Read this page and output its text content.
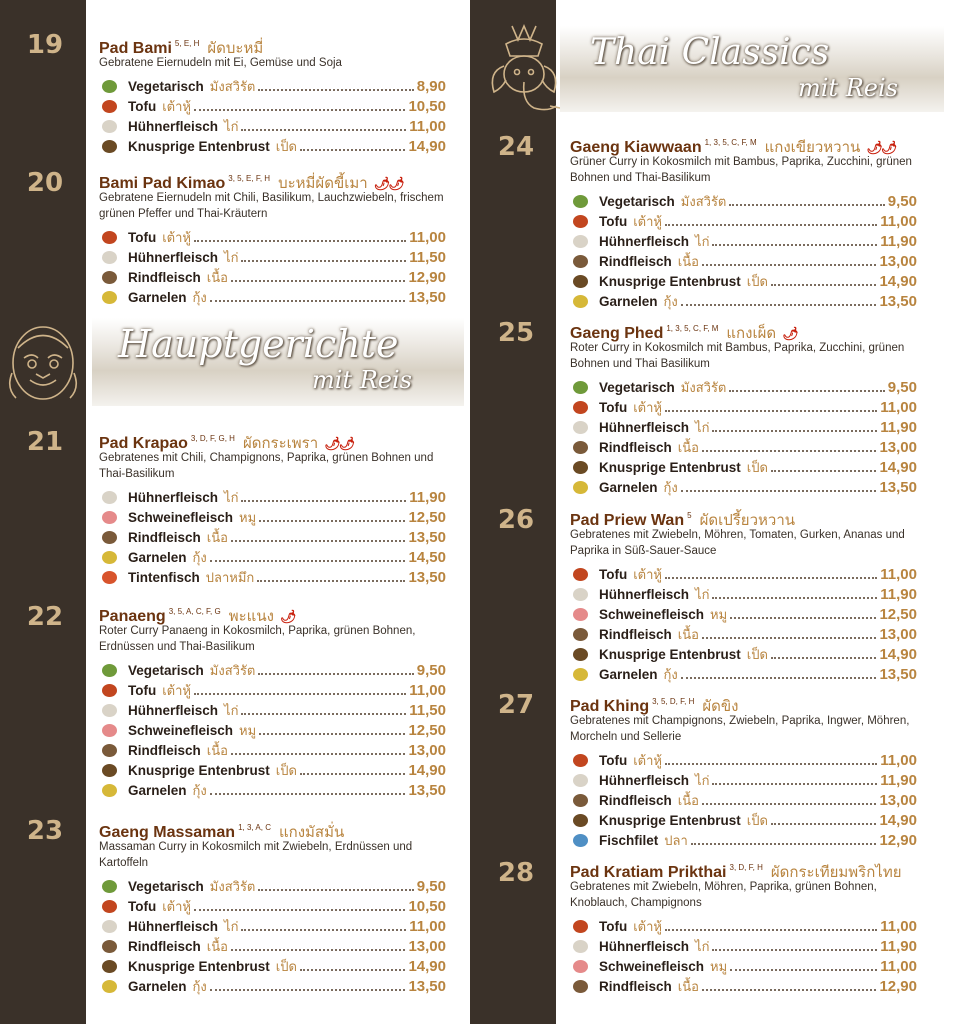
Hauptgerichte
mit Reis
Thai Classics
mit Reis
19
20
21
22
23
24
25
26
27
28
Pad Bami $^{5, E, H}$ ผัดบะหมี่
Gebratene Eiernudeln mit Ei, Gemüse und Soja
Vegetarisch มังสวิรัต	8,90
Tofu เต้าหู้	10,50
Hühnerfleisch ไก่	11,00
Knusprige Entenbrust เป็ด	14,90
Bami Pad Kimao $^{3, 5, E, F, H}$ บะหมี่ผัดขี้เมา 🌶🌶
Gebratene Eiernudeln mit Chili, Basilikum, Lauchzwiebeln, frischem grünen Pfeffer und Thai-Kräutern
Tofu เต้าหู้	11,00
Hühnerfleisch ไก่	11,50
Rindfleisch เนื้อ	12,90
Garnelen กุ้ง	13,50
Pad Krapao $^{3, D, F, G, H}$ ผัดกระเพรา 🌶🌶
Gebratenes mit Chili, Champignons, Paprika, grünen Bohnen und Thai-Basilikum
Hühnerfleisch ไก่	11,90
Schweinefleisch หมู	12,50
Rindfleisch เนื้อ	13,50
Garnelen กุ้ง	14,50
Tintenfisch ปลาหมึก	13,50
Panaeng $^{3, 5, A, C, F, G}$ พะแนง 🌶
Roter Curry Panaeng in Kokosmilch, Paprika, grünen Bohnen, Erdnüssen und Thai-Basilikum
Vegetarisch มังสวิรัต	9,50
Tofu เต้าหู้	11,00
Hühnerfleisch ไก่	11,50
Schweinefleisch หมู	12,50
Rindfleisch เนื้อ	13,00
Knusprige Entenbrust เป็ด	14,90
Garnelen กุ้ง	13,50
Gaeng Massaman $^{1, 3, A, C}$ แกงมัสมั่น
Massaman Curry in Kokosmilch mit Zwiebeln, Erdnüssen und Kartoffeln
Vegetarisch มังสวิรัต	9,50
Tofu เต้าหู้	10,50
Hühnerfleisch ไก่	11,00
Rindfleisch เนื้อ	13,00
Knusprige Entenbrust เป็ด	14,90
Garnelen กุ้ง	13,50
Gaeng Kiawwaan $^{1, 3, 5, C, F, M}$ แกงเขียวหวาน 🌶🌶
Grüner Curry in Kokosmilch mit Bambus, Paprika, Zucchini, grünen Bohnen und Thai-Basilikum
Vegetarisch มังสวิรัต	9,50
Tofu เต้าหู้	11,00
Hühnerfleisch ไก่	11,90
Rindfleisch เนื้อ	13,00
Knusprige Entenbrust เป็ด	14,90
Garnelen กุ้ง	13,50
Gaeng Phed $^{1, 3, 5, C, F, M}$ แกงเผ็ด 🌶
Roter Curry in Kokosmilch mit Bambus, Paprika, Zucchini, grünen Bohnen und Thai Basilikum
Vegetarisch มังสวิรัต	9,50
Tofu เต้าหู้	11,00
Hühnerfleisch ไก่	11,90
Rindfleisch เนื้อ	13,00
Knusprige Entenbrust เป็ด	14,90
Garnelen กุ้ง	13,50
Pad Priew Wan $^5$ ผัดเปรี้ยวหวาน
Gebratenes mit Zwiebeln, Möhren, Tomaten, Gurken, Ananas und Paprika in Süß-Sauer-Sauce
Tofu เต้าหู้	11,00
Hühnerfleisch ไก่	11,90
Schweinefleisch หมู	12,50
Rindfleisch เนื้อ	13,00
Knusprige Entenbrust เป็ด	14,90
Garnelen กุ้ง	13,50
Pad Khing $^{3, 5, D, F, H}$ ผัดขิง
Gebratenes mit Champignons, Zwiebeln, Paprika, Ingwer, Möhren, Morcheln und Sellerie
Tofu เต้าหู้	11,00
Hühnerfleisch ไก่	11,90
Rindfleisch เนื้อ	13,00
Knusprige Entenbrust เป็ด	14,90
Fischfilet ปลา	12,90
Pad Kratiam Prikthai $^{3, D, F, H}$ ผัดกระเทียมพริกไทย
Gebratenes mit Zwiebeln, Möhren, Paprika, grünen Bohnen, Knoblauch, Champignons
Tofu เต้าหู้	11,00
Hühnerfleisch ไก่	11,90
Schweinefleisch หมู	11,00
Rindfleisch เนื้อ	12,90
